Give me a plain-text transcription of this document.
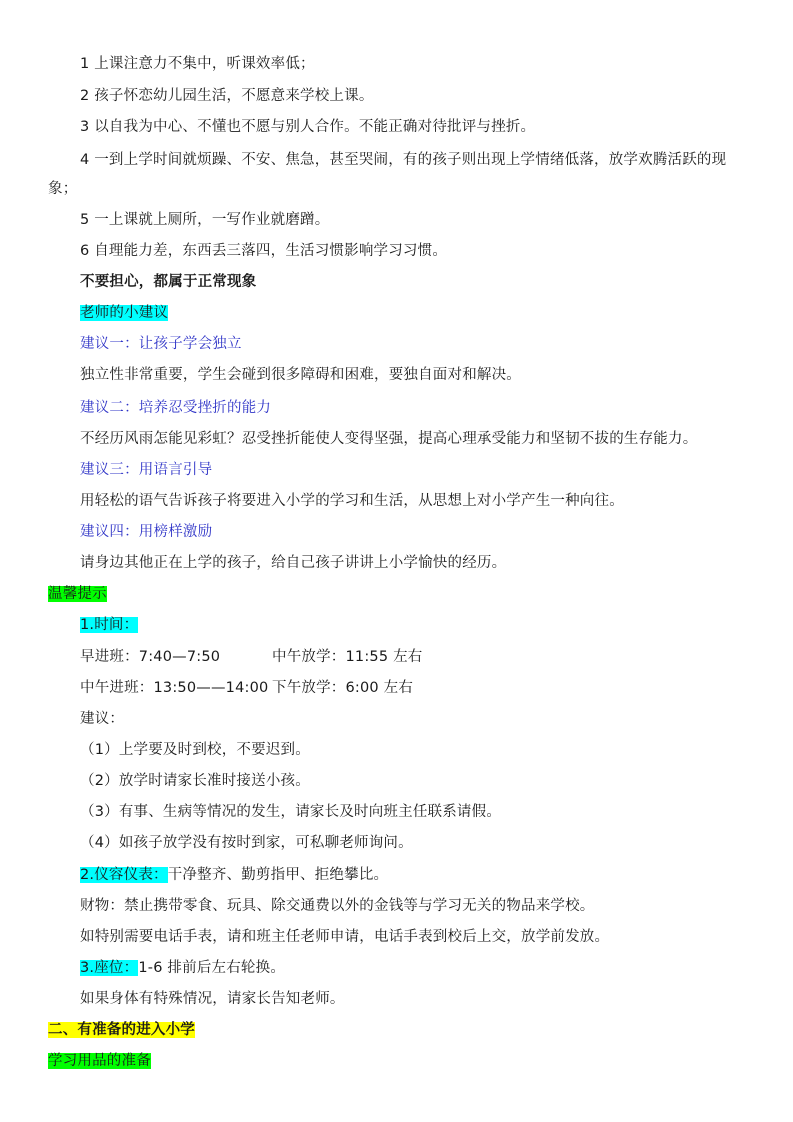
1 上课注意力不集中，听课效率低；
2 孩子怀恋幼儿园生活，不愿意来学校上课。
3 以自我为中心、不懂也不愿与别人合作。不能正确对待批评与挫折。
4 一到上学时间就烦躁、不安、焦急，甚至哭闹，有的孩子则出现上学情绪低落，放学欢腾活跃的现象；
5 一上课就上厕所，一写作业就磨蹭。
6 自理能力差，东西丢三落四，生活习惯影响学习习惯。
不要担心，都属于正常现象
老师的小建议
建议一：让孩子学会独立
独立性非常重要，学生会碰到很多障碍和困难，要独自面对和解决。
建议二：培养忍受挫折的能力
不经历风雨怎能见彩虹？忍受挫折能使人变得坚强，提高心理承受能力和坚韧不拔的生存能力。
建议三：用语言引导
用轻松的语气告诉孩子将要进入小学的学习和生活，从思想上对小学产生一种向往。
建议四：用榜样激励
请身边其他正在上学的孩子，给自己孩子讲讲上小学愉快的经历。
温馨提示
1.时间：
早进班：7:40—7:50	中午放学：11:55 左右
中午进班：13:50——14:00 下午放学：6:00 左右
建议：
（1）上学要及时到校，不要迟到。
（2）放学时请家长准时接送小孩。
（3）有事、生病等情况的发生，请家长及时向班主任联系请假。
（4）如孩子放学没有按时到家，可私聊老师询问。
2.仪容仪表：干净整齐、勤剪指甲、拒绝攀比。
财物：禁止携带零食、玩具、除交通费以外的金钱等与学习无关的物品来学校。
如特别需要电话手表，请和班主任老师申请，电话手表到校后上交，放学前发放。
3.座位：1-6 排前后左右轮换。
如果身体有特殊情况，请家长告知老师。
二、有准备的进入小学
学习用品的准备
